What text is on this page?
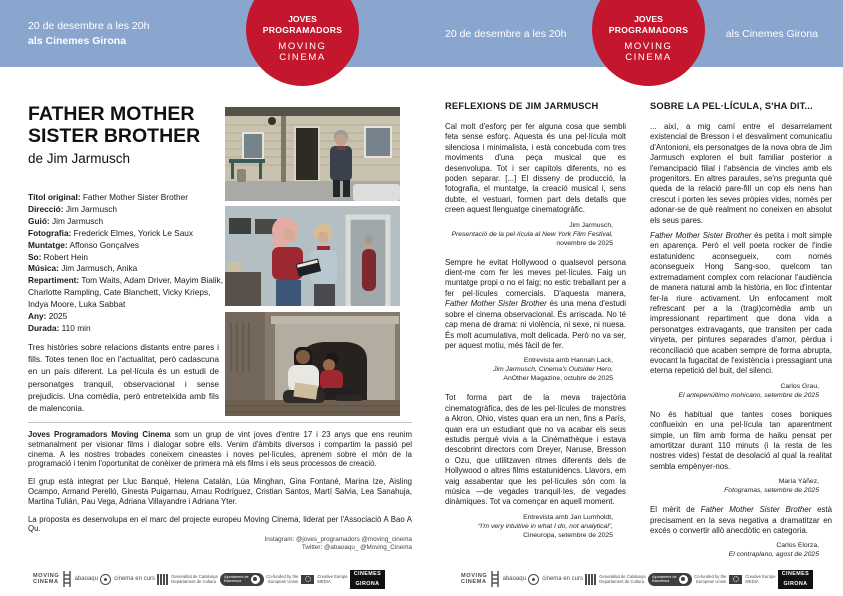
20 de desembre a les 20h
als Cinemes Girona
20 de desembre a les 20h	als Cinemes Girona
JOVES
PROGRAMADORS
MOVING
CINEMA
JOVES
PROGRAMADORS
MOVING
CINEMA
FATHER MOTHER
SISTER BROTHER
de Jim Jarmusch

Títol original: Father Mother Sister Brother

Direcció: Jim Jarmusch

Guió: Jim Jarmusch

Fotografia: Frederick Elmes, Yorick Le Saux

Muntatge: Affonso Gonçalves

So: Robert Hein

Música: Jim Jarmusch, Anika

Repartiment: Tom Waits, Adam Driver, Mayim Bialik, Charlotte Rampling, Cate Blanchett, Vicky Krieps, Indya Moore, Luka Sabbat

Any: 2025

Durada: 110 min

Tres històries sobre relacions distants entre pares i fills. Totes tenen lloc en l'actualitat, però cadascuna en un país diferent. La pel·lícula és un estudi de personatges tranquil, observacional i sense prejudicis. Una comèdia, però entreteixida amb fils de malenconia.

Joves Programadors Moving Cinema som un grup de vint joves d'entre 17 i 23 anys que ens reunim setmanalment per visionar films i dialogar sobre ells. Venim d'àmbits diversos i compartim la passió pel cinema. A les nostres trobades coneixem cineastes i noves pel·lícules, aprenem sobre el món de la programació i tenim l'oportunitat de conèixer de primera mà els films i els seus processos de creació.

El grup està integrat per Lluc Banqué, Helena Catalán, Lúa Minghan, Gina Fontané, Marina Ize, Aisling Ocampo, Armand Perelló, Ginesta Puigarnau, Arnau Rodríguez, Cristian Santos, Martí Salvia, Lea Sanahuja, Martina Tulián, Pau Vega, Adriana Villayandre i Adriana Yter.

La proposta es desenvolupa en el marc del projecte europeu Moving Cinema, liderat per l'Associació A Bao A Qu.

Instagram: @joves_programadors @moving_cinema
Twitter: @abaoaqu_ @Moving_Cinema
MOVING
CINEMA	abaoaqu	cinema en curs	Generalitat de Catalunya
Departament de Cultura
Ajuntament de
Barcelona
Co-funded by the
European Union
Creative Europe
MEDIA
CINEMES
GIRONA
REFLEXIONS DE JIM JARMUSCH

Cal molt d'esforç per fer alguna cosa que sembli feta sense esforç. Aquesta és una pel·lícula molt silenciosa i minimalista, i està concebuda com tres moviments d'una peça musical que es desenvolupa. Tot i ser capítols diferents, no es poden separar. [...] El disseny de producció, la fotografia, el muntatge, la creació musical i, sens dubte, el vestuari, formen part dels detalls que creen aquest llenguatge cinematogràfic.

Jim Jarmusch,
Presentació de la pel·lícula al New York Film Festival,
novembre de 2025

Sempre he evitat Hollywood o qualsevol persona dient-me com fer les meves pel·lícules. Faig un muntatge propi o no el faig; no estic treballant per a fer pel·lícules comercials. D'aquesta manera, Father Mother Sister Brother és una mena d'estudi sobre el cinema observacional. És arriscada. No té cap mena de drama: ni violència, ni sexe, ni nuesa. És molt acumulativa, molt delicada. Però no va ser, per aquest motiu, més fàcil de fer.

Entrevista amb Hannah Lack,
Jim Jarmusch, Cinema's Outsider Hero,
AnOther Magazine, octubre de 2025

Tot forma part de la meva trajectòria cinematogràfica, des de les pel·lícules de monstres a Akron, Ohio, vistes quan era un nen, fins a París, quan era un estudiant que no va acabar els seus estudis perquè vivia a la Cinémathèque i estava descobrint directors com Dreyer, Naruse, Bresson o Ozu, que utilitzaven ritmes diferents dels de Hollywood o altres films estatunidencs. Llavors, em vaig assabentar que les pel·lícules són com la música —de vegades tranquil·les, de vegades dinàmiques. Tot va començar en aquell moment.

Entrevista amb Jan Lumholdt,
“I'm very intuitive in what I do, not analytical”,
Cineuropa, setembre de 2025
SOBRE LA PEL·LÍCULA, S'HA DIT...

... així, a mig camí entre el desarrelament existencial de Bresson i el desvaliment comunicatiu d'Antonioni, els personatges de la nova obra de Jim Jarmusch exploren el buit familiar posterior a l'emancipació filial i l'absència de vincles amb els progenitors. En altres paraules, se'ns pregunta què queda de la relació pare-fill un cop els nens han crescut i porten les seves pròpies vides, només per adonar-se de què realment no coneixen en absolut els seus pares.

Father Mother Sister Brother és petita i molt simple en aparença. Però el vell poeta rocker de l'indie estatunidenc aconsegueix, com només aconsegueix Hong Sang-soo, quelcom tan extremadament complex com relacionar l'audiència de manera natural amb la història, en lloc d'intentar fer-la riure activament. Un enfocament molt refrescant per a la (tragi)comèdia amb un impressionant repartiment que dona vida a personatges extravagants, que transiten per cada vinyeta, per pintures separades d'amor, pèrdua i reconciliació que acaben sempre de forma abrupta, evocant la fugacitat de l'existència i pressagiant una eterna repetició del buit, del silenci.

Carlos Grau,
El antepenúltimo mohicano, setembre de 2025

No és habitual que tantes coses boniques conflueixin en una pel·lícula tan aparentment simple, un film amb forma de haiku pensat per amortitzar durant 110 minuts (i la resta de les nostres vides) l'estat de desolació al qual la realitat sembla empènyer-nos.

María Yáñez,
Fotogramas, setembre de 2025

El mèrit de Father Mother Sister Brother està precisament en la seva negativa a dramatitzar en excés o convertir allò anecdòtic en categoria.

Carlos Elorza,
El contraplano, agost de 2025
MOVING
CINEMA	abaoaqu	cinema en curs	Generalitat de Catalunya
Departament de Cultura
Ajuntament de
Barcelona
Co-funded by the
European Union
Creative Europe
MEDIA
CINEMES
GIRONA
